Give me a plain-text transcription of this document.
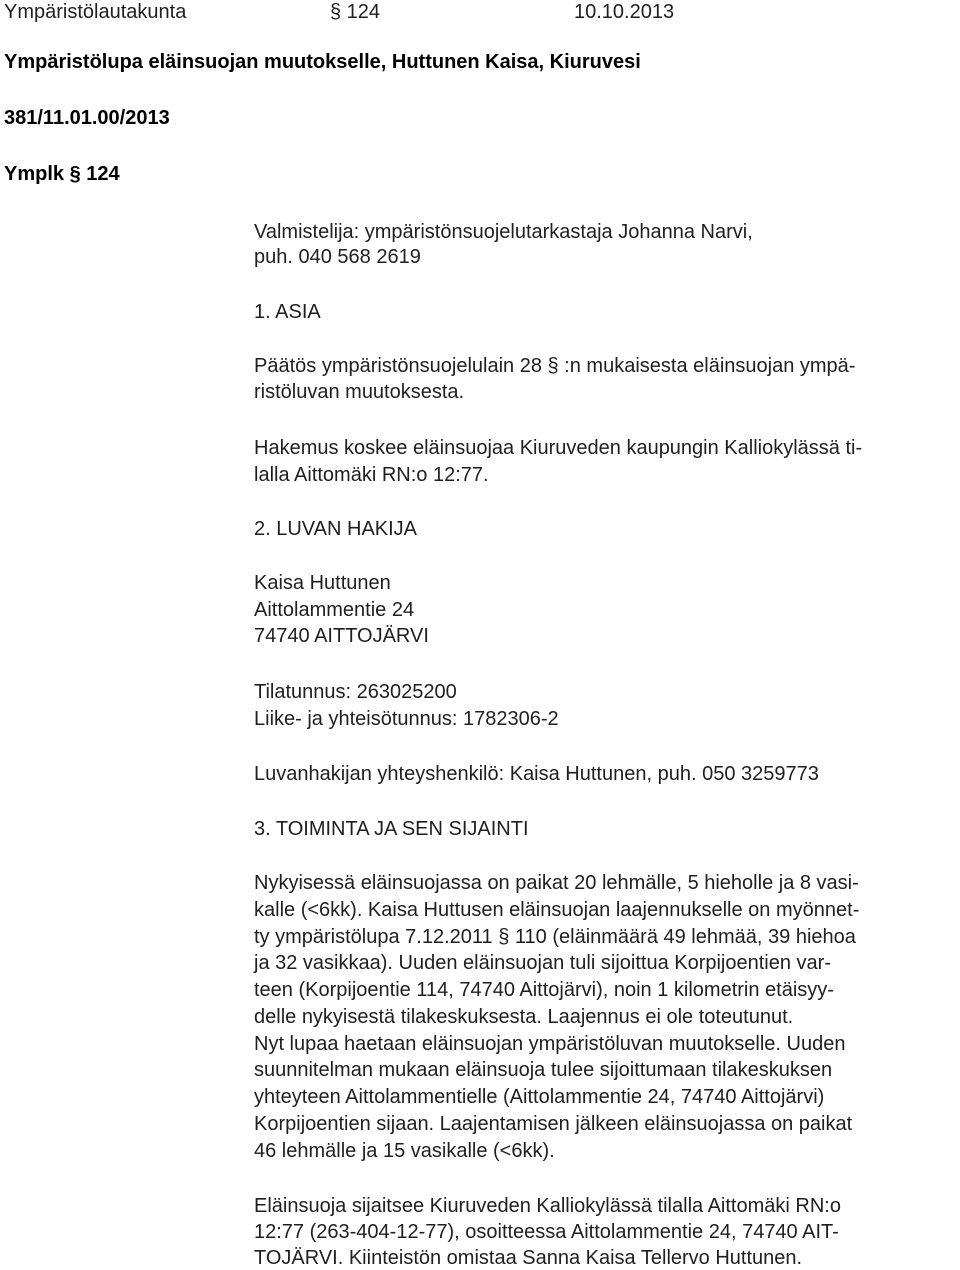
Ympäristölautakunta	§ 124	10.10.2013
Ympäristölupa eläinsuojan muutokselle, Huttunen Kaisa, Kiuruvesi
381/11.01.00/2013
Ymplk § 124
Valmistelija: ympäristönsuojelutarkastaja Johanna Narvi,
puh. 040 568 2619
1. ASIA
Päätös ympäristönsuojelulain 28 § :n mukaisesta eläinsuojan ympä-
ristöluvan muutoksesta.
Hakemus koskee eläinsuojaa Kiuruveden kaupungin Kalliokylässä ti-
lalla Aittomäki RN:o 12:77.
2. LUVAN HAKIJA
Kaisa Huttunen
Aittolammentie 24
74740 AITTOJÄRVI
Tilatunnus: 263025200
Liike- ja yhteisötunnus: 1782306-2
Luvanhakijan yhteyshenkilö: Kaisa Huttunen, puh. 050 3259773
3. TOIMINTA JA SEN SIJAINTI
Nykyisessä eläinsuojassa on paikat 20 lehmälle, 5 hieholle ja 8 vasi-
kalle (<6kk). Kaisa Huttusen eläinsuojan laajennukselle on myönnet-
ty ympäristölupa 7.12.2011 § 110 (eläinmäärä 49 lehmää, 39 hiehoa
ja 32 vasikkaa). Uuden eläinsuojan tuli sijoittua Korpijoentien var-
teen (Korpijoentie 114, 74740 Aittojärvi), noin 1 kilometrin etäisyy-
delle nykyisestä tilakeskuksesta. Laajennus ei ole toteutunut.
Nyt lupaa haetaan eläinsuojan ympäristöluvan muutokselle. Uuden
suunnitelman mukaan eläinsuoja tulee sijoittumaan tilakeskuksen
yhteyteen Aittolammentielle (Aittolammentie 24, 74740 Aittojärvi)
Korpijoentien sijaan. Laajentamisen jälkeen eläinsuojassa on paikat
46 lehmälle ja 15 vasikalle (<6kk).
Eläinsuoja sijaitsee Kiuruveden Kalliokylässä tilalla Aittomäki RN:o
12:77 (263-404-12-77), osoitteessa Aittolammentie 24, 74740 AIT-
TOJÄRVI. Kiinteistön omistaa Sanna Kaisa Tellervo Huttunen.
